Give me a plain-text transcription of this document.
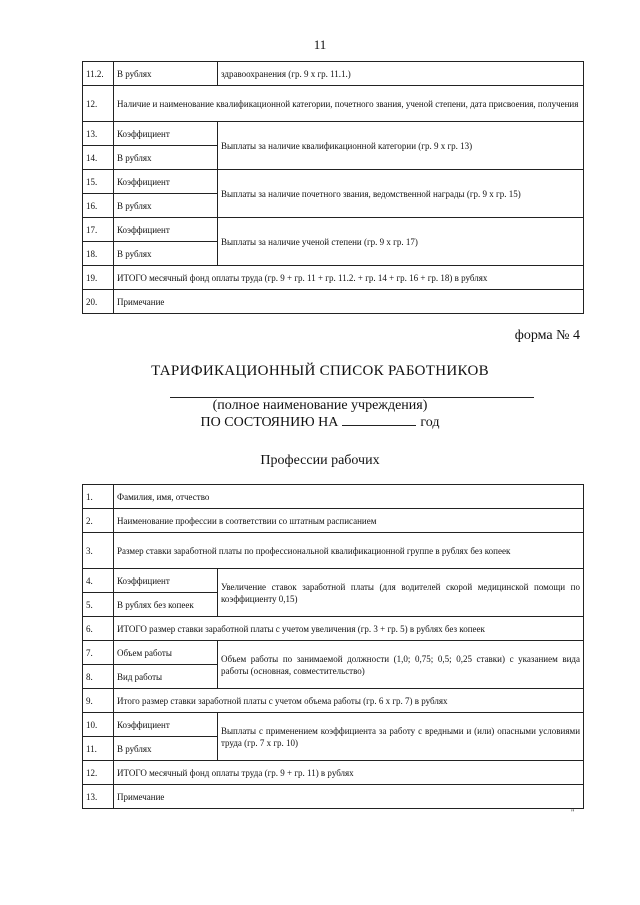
11
11.2.	В рублях	здравоохранения (гр. 9 х гр. 11.1.)
12.	Наличие и наименование квалификационной категории, почетного звания, ученой степени, дата присвоения, получения	
13.	Коэффициент	Выплаты за наличие квалификационной категории (гр. 9 х гр. 13)
14.	В рублях	
15.	Коэффициент	Выплаты за наличие почетного звания, ведомственной награды (гр. 9 х гр. 15)
16.	В рублях	
17.	Коэффициент	Выплаты за наличие ученой степени (гр. 9 х гр. 17)
18.	В рублях	
19.	ИТОГО месячный фонд оплаты труда (гр. 9 + гр. 11 + гр. 11.2. + гр. 14 + гр. 16 + гр. 18) в рублях	
20.	Примечание	
форма № 4
ТАРИФИКАЦИОННЫЙ СПИСОК РАБОТНИКОВ
(полное наименование учреждения)
ПО СОСТОЯНИЮ НА	год
Профессии рабочих
1.	Фамилия, имя, отчество	
2.	Наименование профессии в соответствии со штатным расписанием	
3.	Размер ставки заработной платы по профессиональной квалификационной группе в рублях без копеек	
4.	Коэффициент	Увеличение ставок заработной платы (для водителей скорой медицинской помощи по коэффициенту 0,15)
5.	В рублях без копеек	
6.	ИТОГО размер ставки заработной платы с учетом увеличения (гр. 3 + гр. 5) в рублях без копеек	
7.	Объем работы	Объем работы по занимаемой должности (1,0; 0,75; 0,5; 0,25 ставки) с указанием вида работы (основная, совместительство)
8.	Вид работы	
9.	Итого размер ставки заработной платы с учетом объема работы (гр. 6 х гр. 7) в рублях	
10.	Коэффициент	Выплаты с применением коэффициента за работу с вредными и (или) опасными условиями труда (гр. 7 х гр. 10)
11.	В рублях	
12.	ИТОГО месячный фонд оплаты труда (гр. 9 + гр. 11) в рублях	
13.	Примечание	
"
